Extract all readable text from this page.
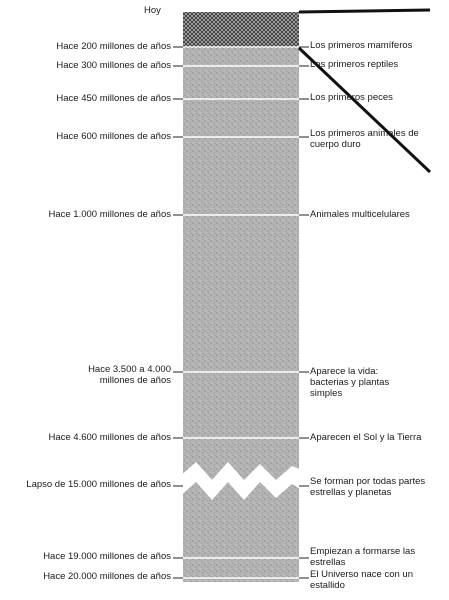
Hoy
Hace 200 millones de años
Hace 300 millones de años
Hace 450 millones de años
Hace 600 millones de años
Hace 1.000 millones de años
Hace 3.500 a 4.000 millones de años
Hace 4.600 millones de años
Lapso de 15.000 millones de años
Hace 19.000 millones de años
Hace 20.000 millones de años
Los primeros mamíferos
Los primeros reptiles
Los primeros peces
Los primeros animales de cuerpo duro
Animales multicelulares
Aparece la vida: bacterias y plantas simples
Aparecen el Sol y la Tierra
Se forman por todas partes estrellas y planetas
Empiezan a formarse las estrellas
El Universo nace con un estallido
